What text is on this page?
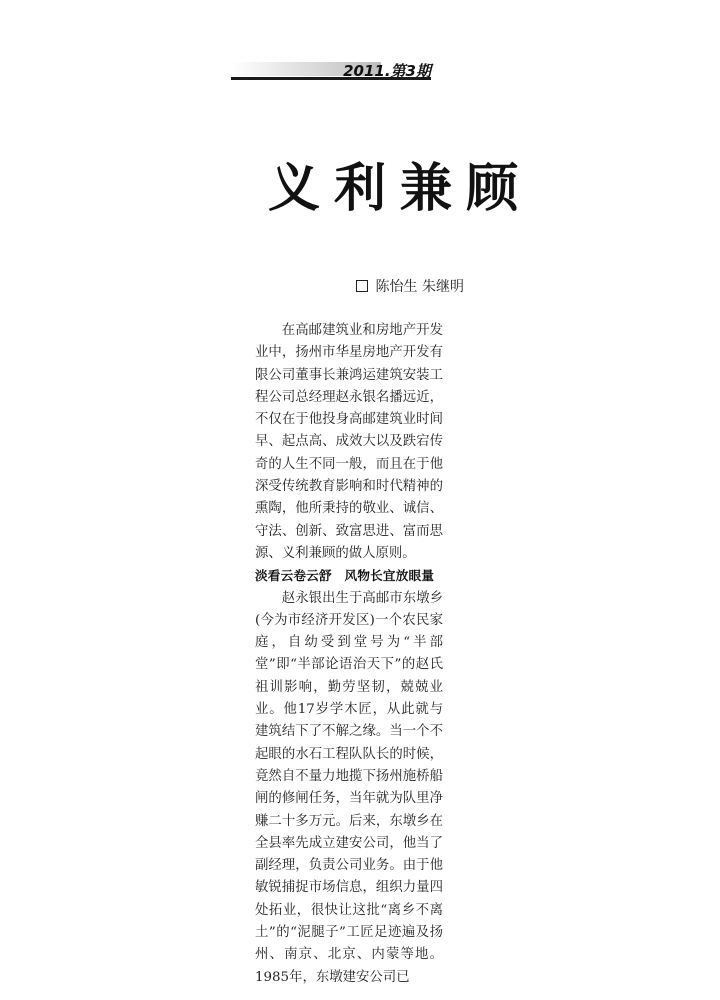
2011.第3期
义利兼顾
陈怡生 朱继明

在高邮建筑业和房地产开发业中，扬州市华星房地产开发有限公司董事长兼鸿运建筑安装工程公司总经理赵永银名播远近，不仅在于他投身高邮建筑业时间早、起点高、成效大以及跌宕传奇的人生不同一般，而且在于他深受传统教育影响和时代精神的熏陶，他所秉持的敬业、诚信、守法、创新、致富思进、富而思源、义利兼顾的做人原则。

淡看云卷云舒　风物长宜放眼量

赵永银出生于高邮市东墩乡(今为市经济开发区)一个农民家庭，自幼受到堂号为“半部堂”即“半部论语治天下”的赵氏祖训影响，勤劳坚韧，兢兢业业。他17岁学木匠，从此就与建筑结下了不解之缘。当一个不起眼的水石工程队队长的时候，竟然自不量力地揽下扬州施桥船闸的修闸任务，当年就为队里净赚二十多万元。后来，东墩乡在全县率先成立建安公司，他当了副经理，负责公司业务。由于他敏锐捕捉市场信息，组织力量四处拓业，很快让这批“离乡不离土”的“泥腿子”工匠足迹遍及扬州、南京、北京、内蒙等地。1985年，东墩建安公司已
